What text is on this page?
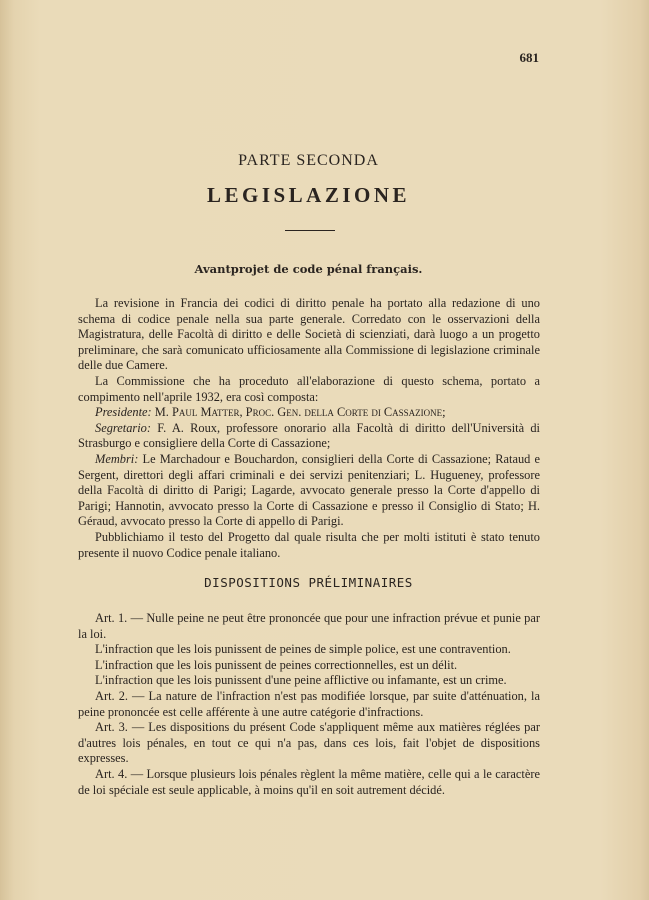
681
PARTE SECONDA
LEGISLAZIONE
Avantprojet de code pénal français.

La revisione in Francia dei codici di diritto penale ha portato alla redazione di uno schema di codice penale nella sua parte generale. Corredato con le osservazioni della Magistratura, delle Facoltà di diritto e delle Società di scienziati, darà luogo a un progetto preliminare, che sarà comunicato ufficiosamente alla Commissione di legislazione criminale delle due Camere.

La Commissione che ha proceduto all'elaborazione di questo schema, portato a compimento nell'aprile 1932, era così composta:

Presidente: M. Paul Matter, Proc. Gen. della Corte di Cassazione;

Segretario: F. A. Roux, professore onorario alla Facoltà di diritto dell'Università di Strasburgo e consigliere della Corte di Cassazione;

Membri: Le Marchadour e Bouchardon, consiglieri della Corte di Cassazione; Rataud e Sergent, direttori degli affari criminali e dei servizi penitenziari; L. Hugueney, professore della Facoltà di diritto di Parigi; Lagarde, avvocato generale presso la Corte d'appello di Parigi; Hannotin, avvocato presso la Corte di Cassazione e presso il Consiglio di Stato; H. Géraud, avvocato presso la Corte di appello di Parigi.

Pubblichiamo il testo del Progetto dal quale risulta che per molti istituti è stato tenuto presente il nuovo Codice penale italiano.

DISPOSITIONS PRÉLIMINAIRES

Art. 1. — Nulle peine ne peut être prononcée que pour une infraction prévue et punie par la loi.

L'infraction que les lois punissent de peines de simple police, est une contravention.

L'infraction que les lois punissent de peines correctionnelles, est un délit.

L'infraction que les lois punissent d'une peine afflictive ou infamante, est un crime.

Art. 2. — La nature de l'infraction n'est pas modifiée lorsque, par suite d'atténuation, la peine prononcée est celle afférente à une autre catégorie d'infractions.

Art. 3. — Les dispositions du présent Code s'appliquent même aux matières réglées par d'autres lois pénales, en tout ce qui n'a pas, dans ces lois, fait l'objet de dispositions expresses.

Art. 4. — Lorsque plusieurs lois pénales règlent la même matière, celle qui a le caractère de loi spéciale est seule applicable, à moins qu'il en soit autrement décidé.
